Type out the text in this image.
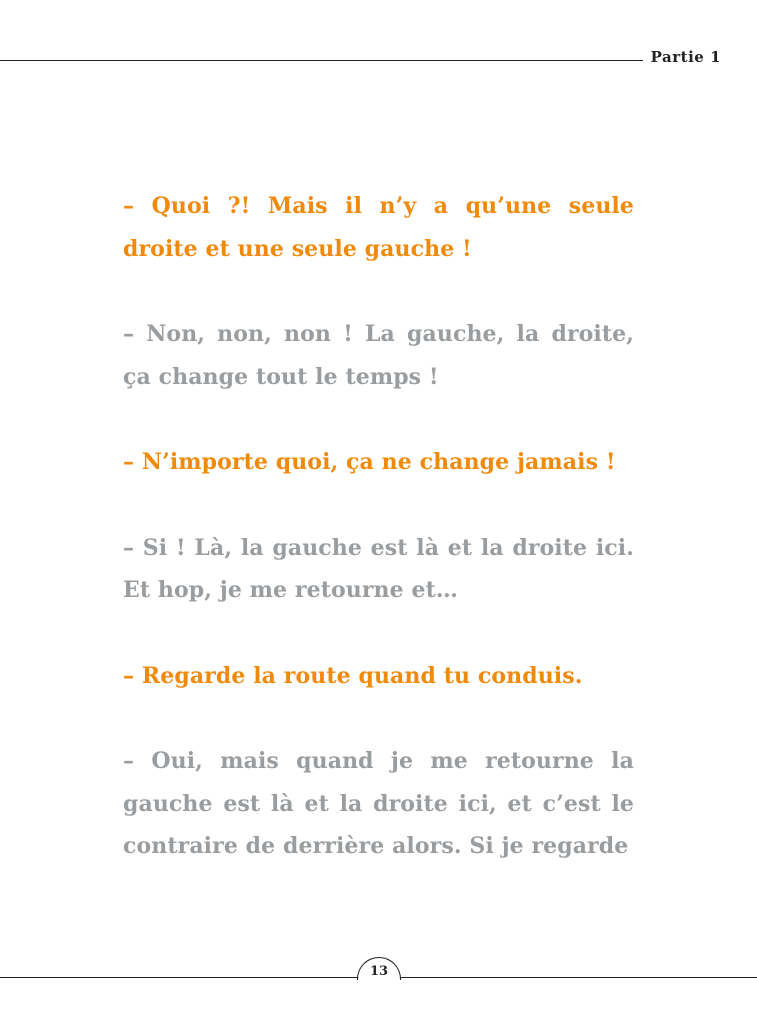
Partie 1

– Quoi ?! Mais il n’y a qu’une seule droite et une seule gauche !

– Non, non, non ! La gauche, la droite, ça change tout le temps !

– N’importe quoi, ça ne change jamais !

– Si ! Là, la gauche est là et la droite ici. Et hop, je me retourne et…

– Regarde la route quand tu conduis.

– Oui, mais quand je me retourne la gauche est là et la droite ici, et c’est le contraire de derrière alors. Si je regarde

13
